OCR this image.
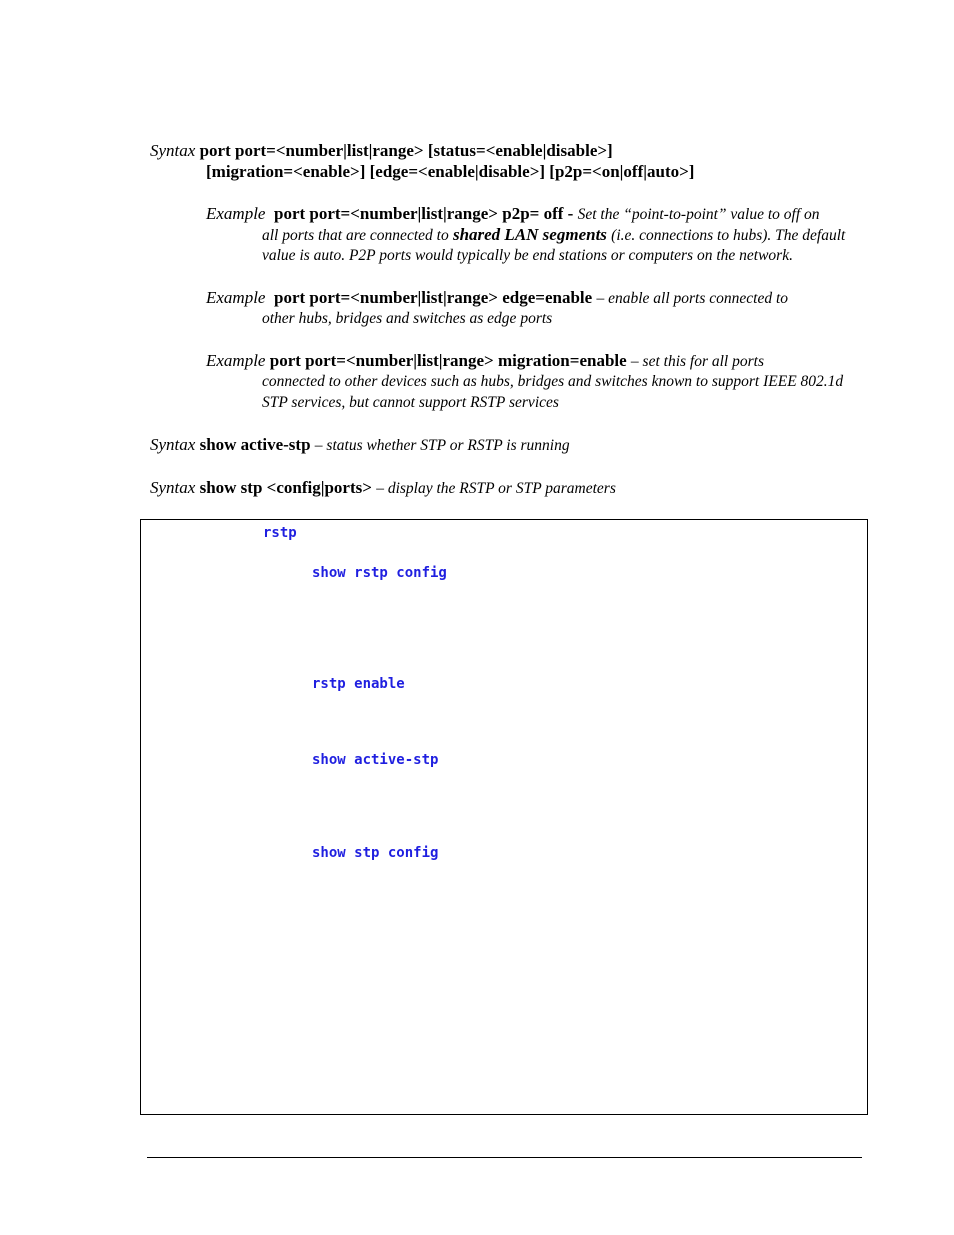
Syntax port port=<number|list|range> [status=<enable|disable>]
[migration=<enable>] [edge=<enable|disable>] [p2p=<on|off|auto>]
Example port port=<number|list|range> p2p= off - Set the “point-to-point” value to off on
all ports that are connected to shared LAN segments (i.e. connections to hubs). The default
value is auto. P2P ports would typically be end stations or computers on the network.
Example port port=<number|list|range> edge=enable – enable all ports connected to
other hubs, bridges and switches as edge ports
Example port port=<number|list|range> migration=enable – set this for all ports
connected to other devices such as hubs, bridges and switches known to support IEEE 802.1d
STP services, but cannot support RSTP services
Syntax show active-stp – status whether STP or RSTP is running
Syntax show stp <config|ports> – display the RSTP or STP parameters
rstp
show rstp config
rstp enable
show active-stp
show stp config
